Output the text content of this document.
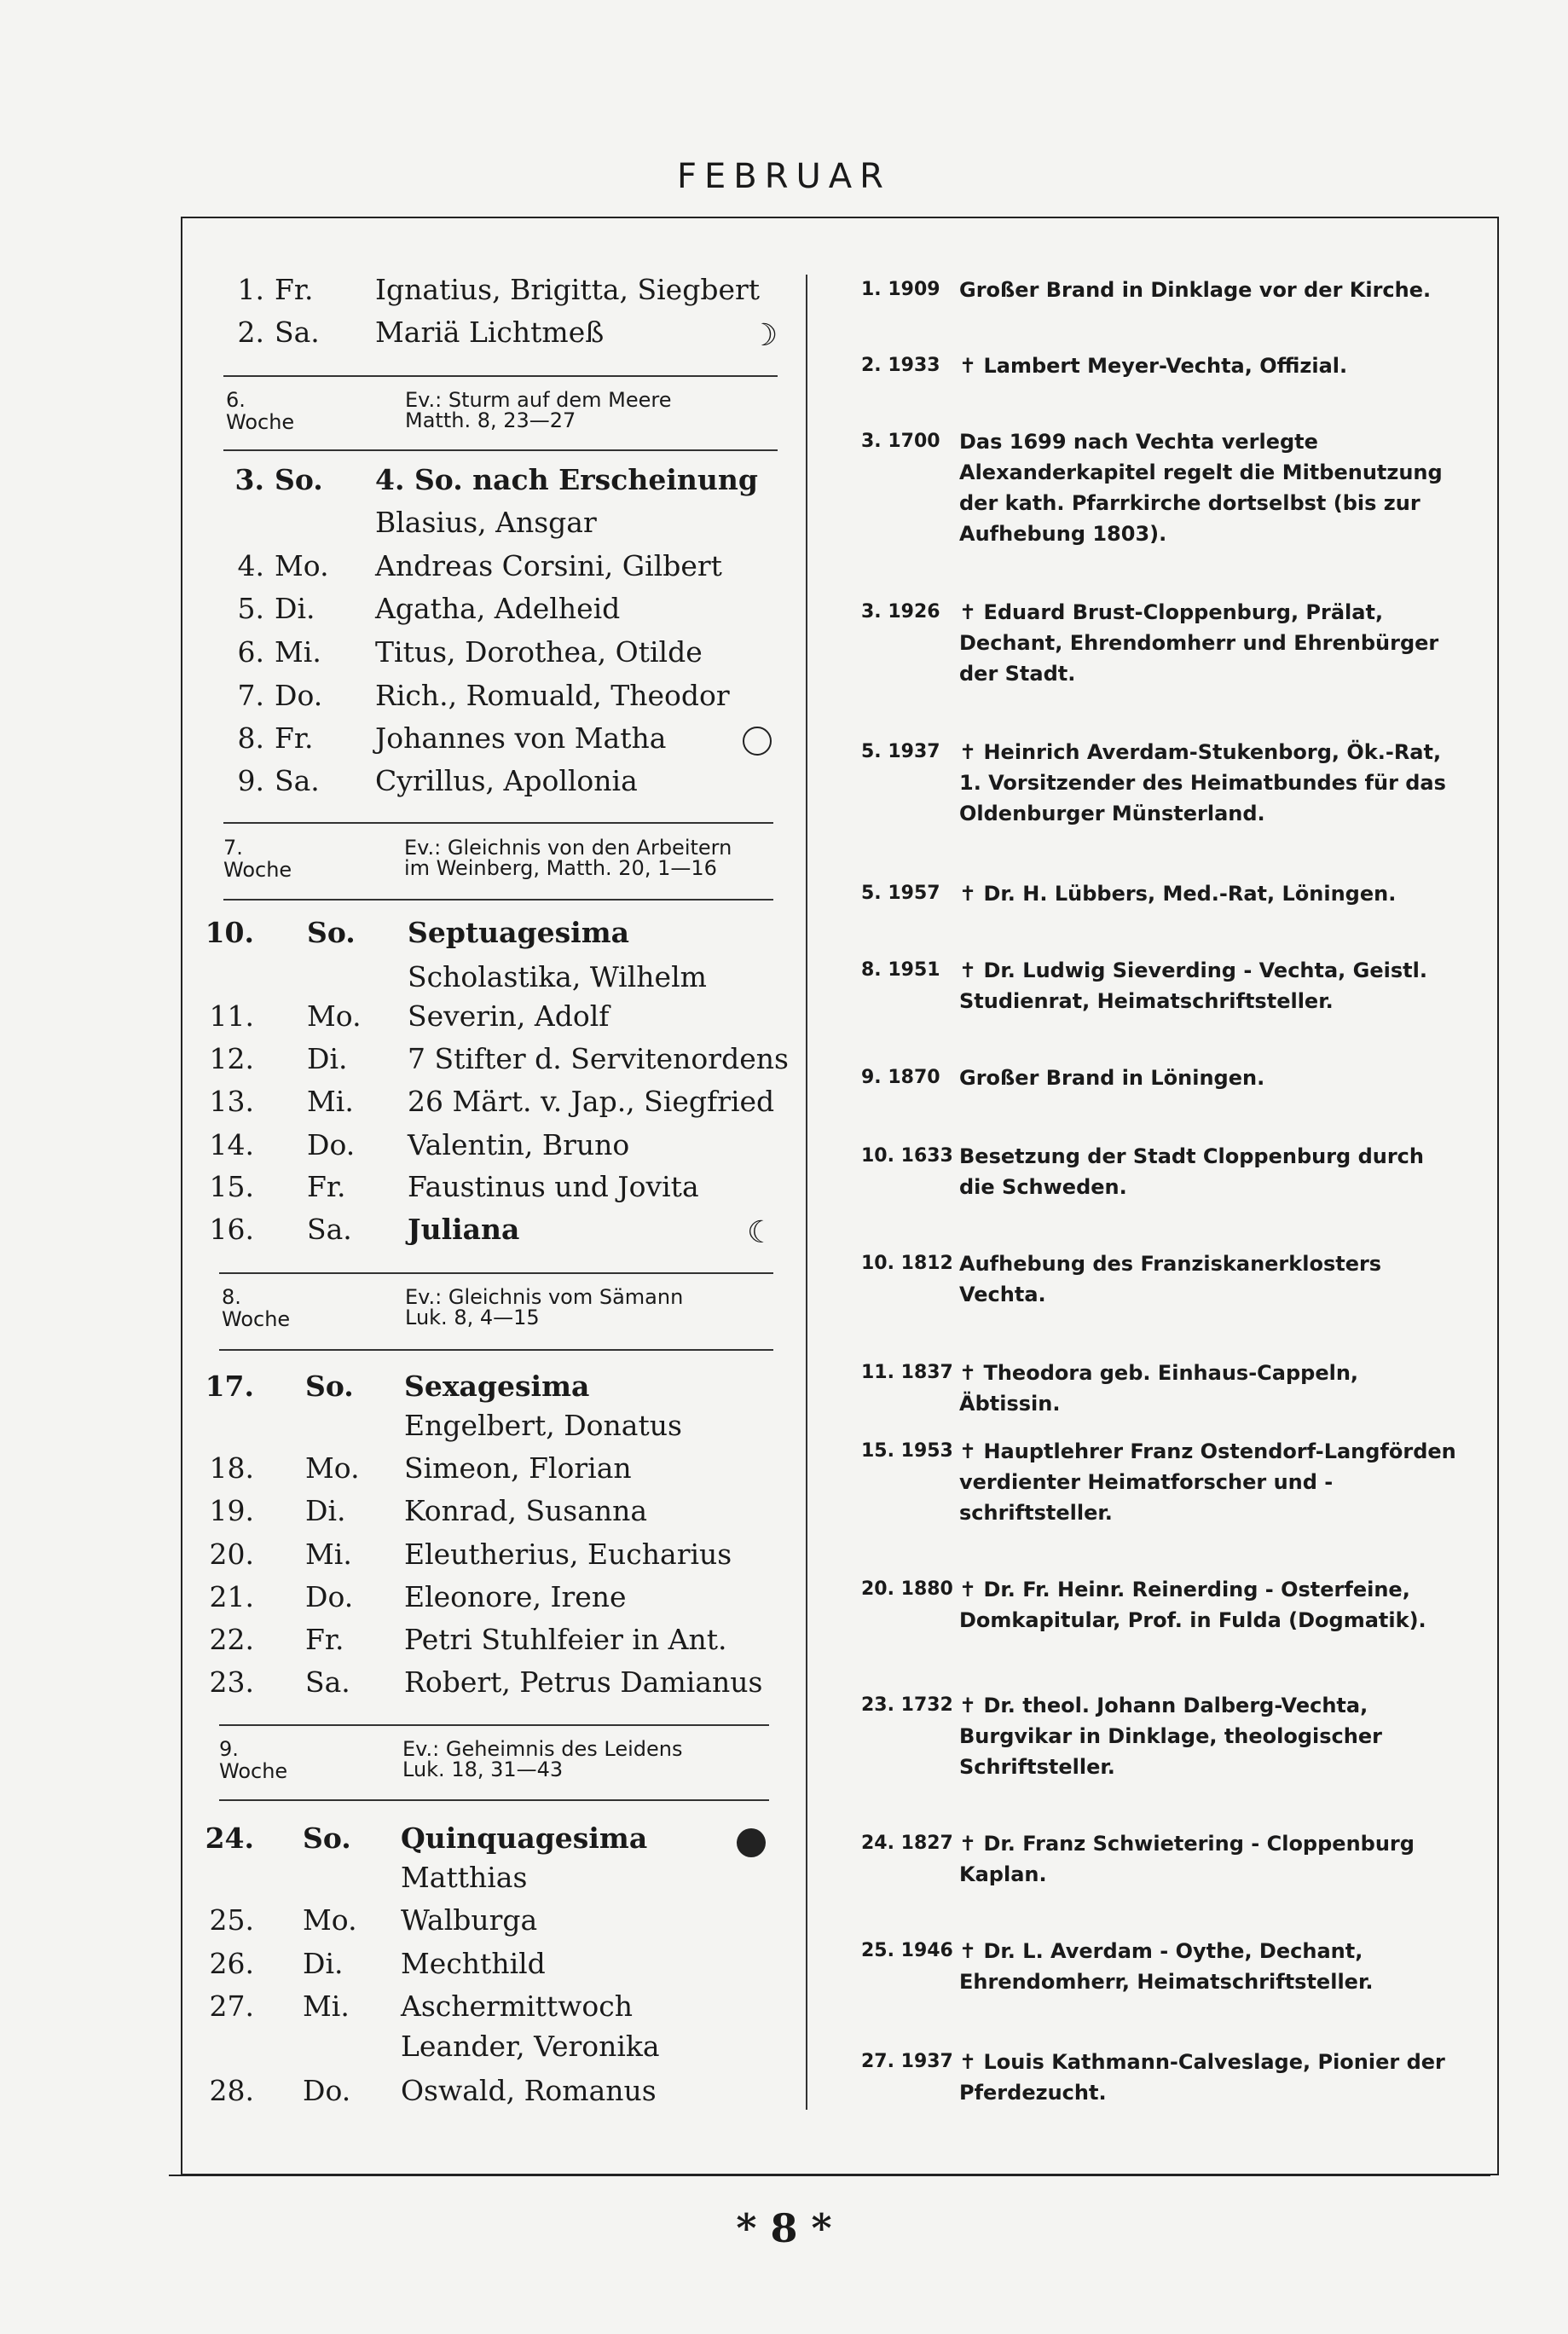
FEBRUAR
1. Fr. Ignatius, Brigitta, Siegbert
2. Sa. Mariä Lichtmeß	☽
6. Woche
Ev.: Sturm auf dem Meere
Matth. 8, 23—27
3. So. 4. So. nach Erscheinung
Blasius, Ansgar
4. Mo. Andreas Corsini, Gilbert
5. Di. Agatha, Adelheid
6. Mi. Titus, Dorothea, Otilde
7. Do. Rich., Romuald, Theodor
8. Fr. Johannes von Matha
9. Sa. Cyrillus, Apollonia
7. Woche
Ev.: Gleichnis von den Arbeitern
im Weinberg, Matth. 20, 1—16
10. So. Septuagesima
Scholastika, Wilhelm
11. Mo. Severin, Adolf
12. Di. 7 Stifter d. Servitenordens
13. Mi. 26 Märt. v. Jap., Siegfried
14. Do. Valentin, Bruno
15. Fr. Faustinus und Jovita
16. Sa. Juliana	☾
8. Woche
Ev.: Gleichnis vom Sämann
Luk. 8, 4—15
17. So. Sexagesima
Engelbert, Donatus
18. Mo. Simeon, Florian
19. Di. Konrad, Susanna
20. Mi. Eleutherius, Eucharius
21. Do. Eleonore, Irene
22. Fr. Petri Stuhlfeier in Ant.
23. Sa. Robert, Petrus Damianus
9. Woche
Ev.: Geheimnis des Leidens
Luk. 18, 31—43
24. So. Quinquagesima
Matthias
25. Mo. Walburga
26. Di. Mechthild
27. Mi. Aschermittwoch
Leander, Veronika
28. Do. Oswald, Romanus
1. 1909 Großer Brand in Dinklage vor der Kirche.
2. 1933 ✝ Lambert Meyer-Vechta, Offizial.
3. 1700 Das 1699 nach Vechta verlegte Alexanderkapitel regelt die Mitbenutzung der kath. Pfarrkirche dortselbst (bis zur Aufhebung 1803).
3. 1926 ✝ Eduard Brust-Cloppenburg, Prälat, Dechant, Ehrendomherr und Ehrenbürger der Stadt.
5. 1937 ✝ Heinrich Averdam-Stukenborg, Ök.-Rat, 1. Vorsitzender des Heimatbundes für das Oldenburger Münsterland.
5. 1957 ✝ Dr. H. Lübbers, Med.-Rat, Löningen.
8. 1951 ✝ Dr. Ludwig Sieverding - Vechta, Geistl. Studienrat, Heimatschriftsteller.
9. 1870 Großer Brand in Löningen.
10. 1633 Besetzung der Stadt Cloppenburg durch die Schweden.
10. 1812 Aufhebung des Franziskanerklosters Vechta.
11. 1837 ✝ Theodora geb. Einhaus-Cappeln, Äbtissin.
15. 1953 ✝ Hauptlehrer Franz Ostendorf-Langförden verdienter Heimatforscher und -schriftsteller.
20. 1880 ✝ Dr. Fr. Heinr. Reinerding - Osterfeine, Domkapitular, Prof. in Fulda (Dogmatik).
23. 1732 ✝ Dr. theol. Johann Dalberg-Vechta, Burgvikar in Dinklage, theologischer Schriftsteller.
24. 1827 ✝ Dr. Franz Schwietering - Cloppenburg Kaplan.
25. 1946 ✝ Dr. L. Averdam - Oythe, Dechant, Ehrendomherr, Heimatschriftsteller.
27. 1937 ✝ Louis Kathmann-Calveslage, Pionier der Pferdezucht.
* 8 *
